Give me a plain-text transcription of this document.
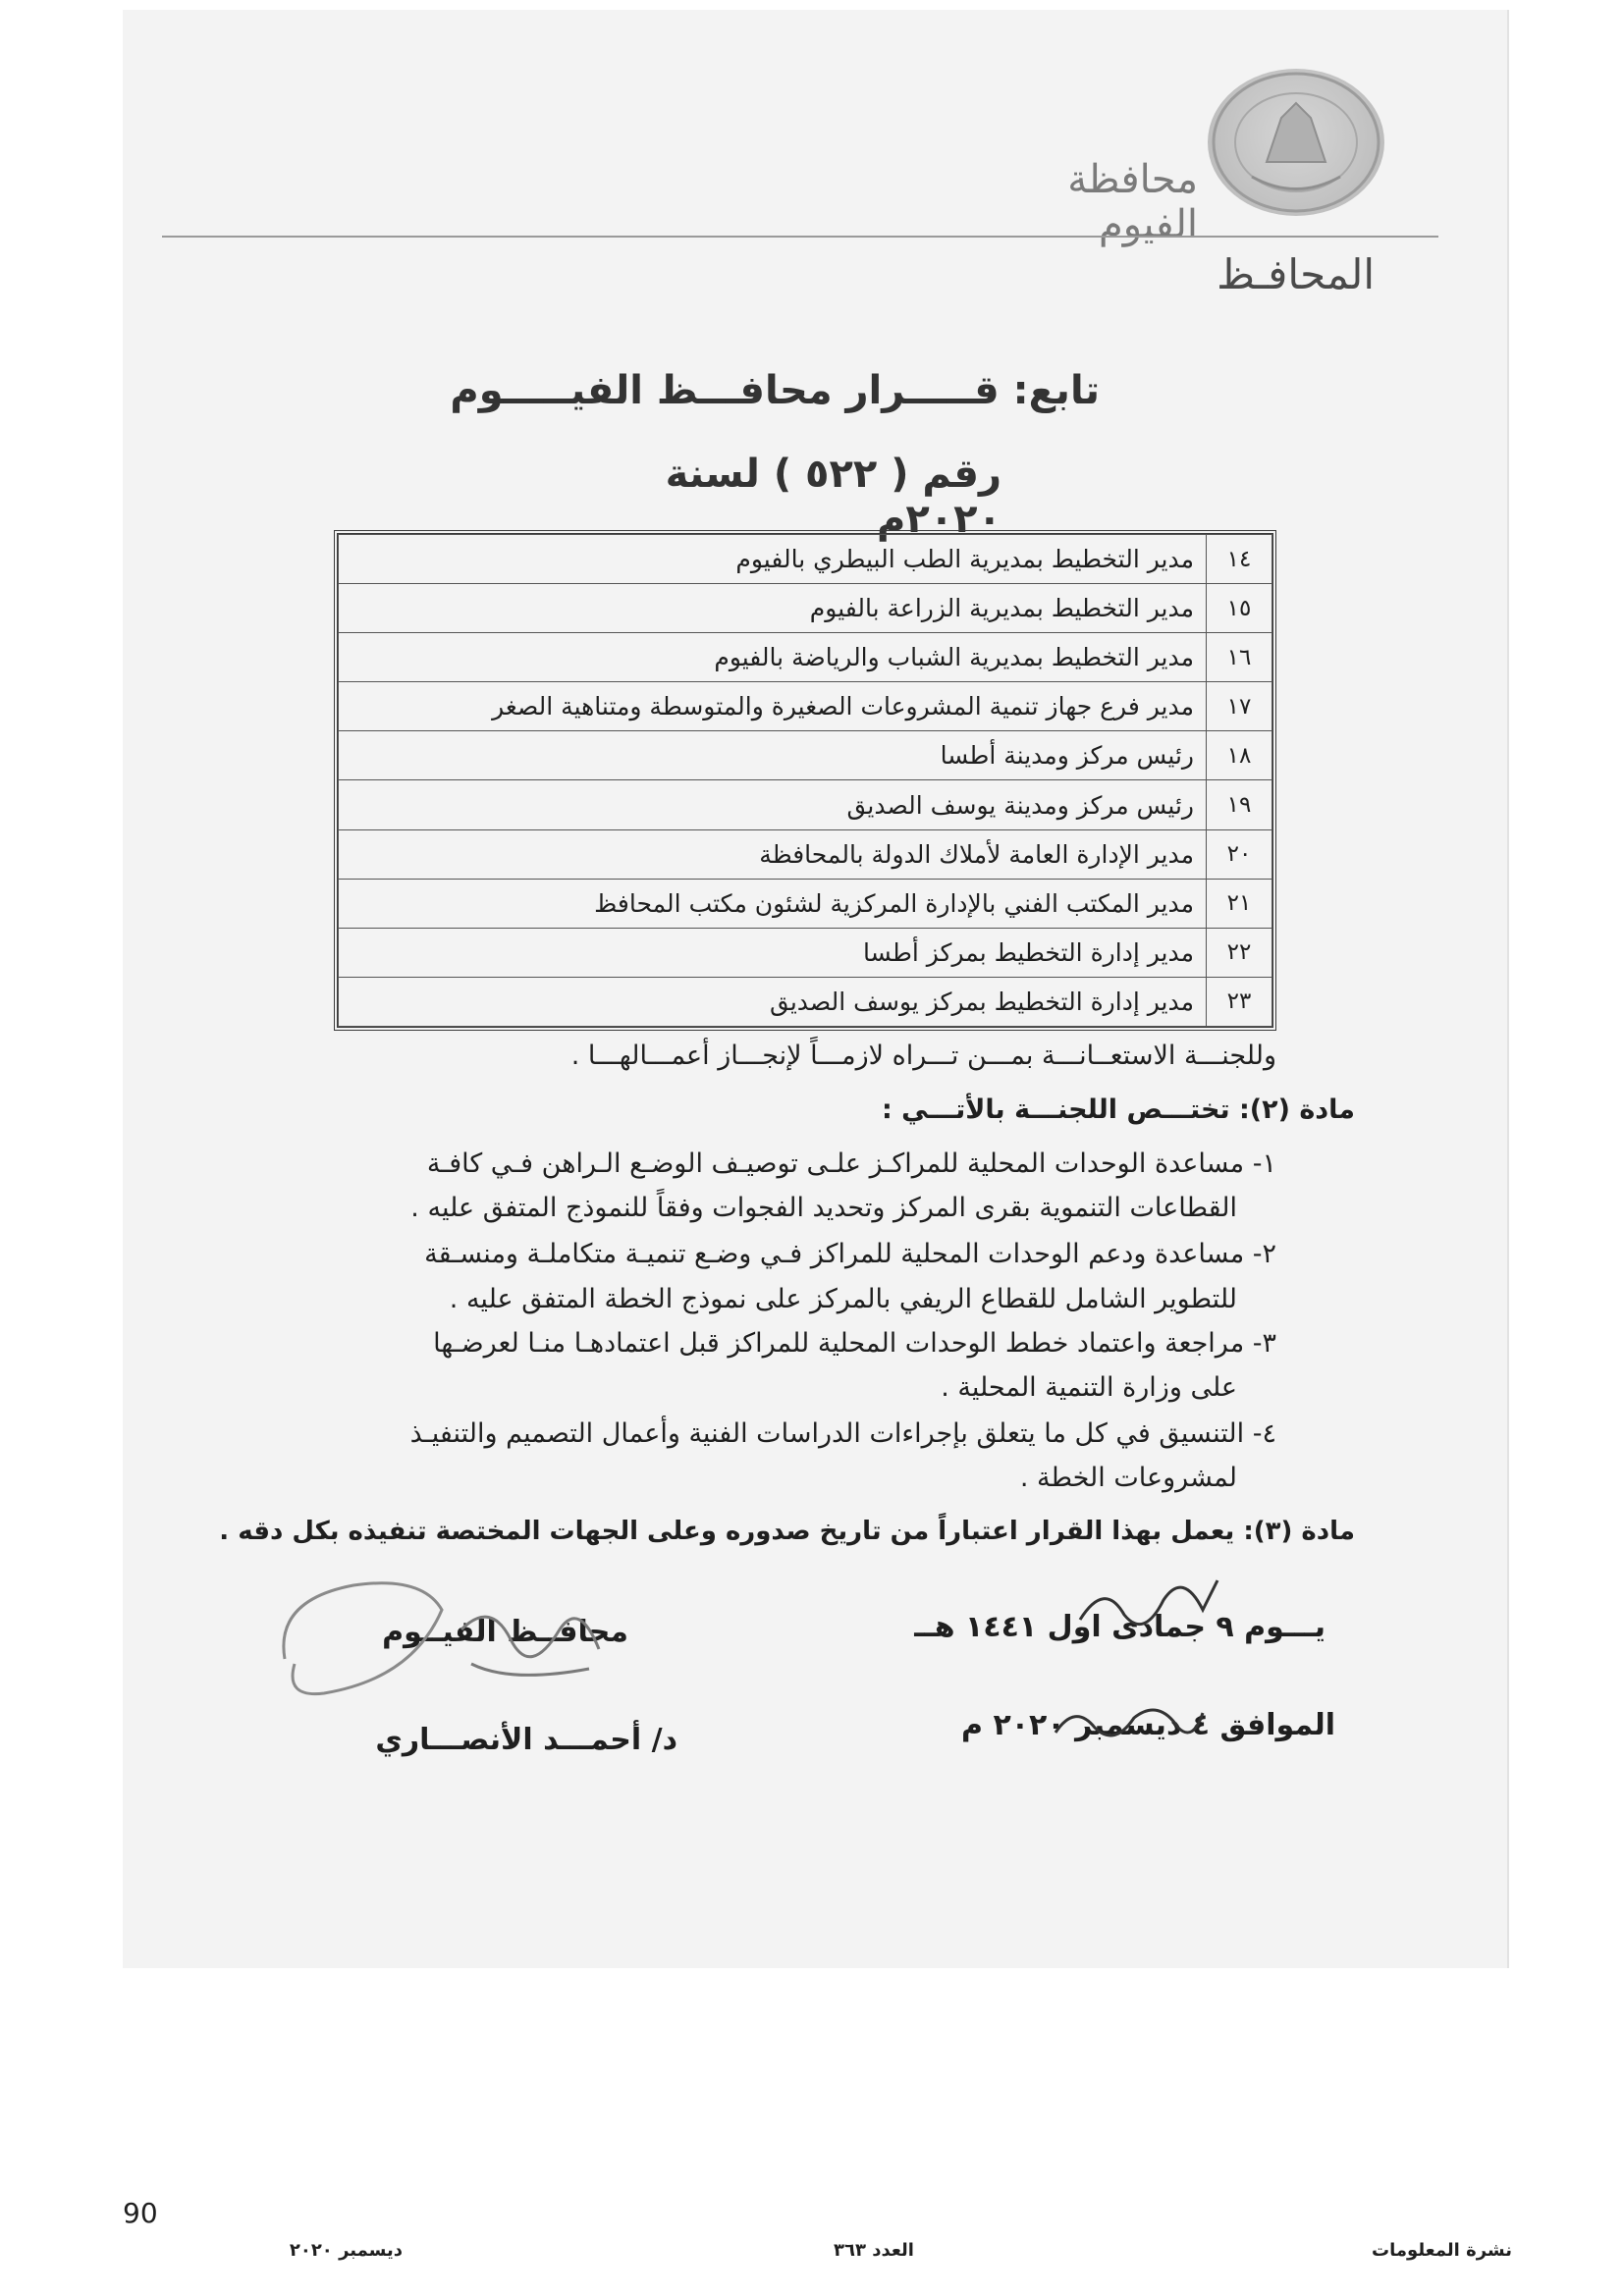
محافظة الفيوم
المحافـظ
تابع: قـــــرار محافـــظ الفيـــــوم
رقم ( ٥٢٢ ) لسنة ٢٠٢٠م
١٤	مدير التخطيط بمديرية الطب البيطري بالفيوم
١٥	مدير التخطيط بمديرية الزراعة بالفيوم
١٦	مدير التخطيط بمديرية الشباب والرياضة بالفيوم
١٧	مدير فرع جهاز تنمية المشروعات الصغيرة والمتوسطة ومتناهية الصغر
١٨	رئيس مركز ومدينة أطسا
١٩	رئيس مركز ومدينة يوسف الصديق
٢٠	مدير الإدارة العامة لأملاك الدولة بالمحافظة
٢١	مدير المكتب الفني بالإدارة المركزية لشئون مكتب المحافظ
٢٢	مدير إدارة التخطيط بمركز أطسا
٢٣	مدير إدارة التخطيط بمركز يوسف الصديق
وللجنـــة الاستعــانـــة بمـــن تـــراه لازمـــاً لإنجـــاز أعمـــالهـــا .
مادة (٢): تختـــص اللجنـــة بالأتـــي :
١- مساعدة الوحدات المحلية للمراكـز علـى توصيـف الوضـع الـراهن فـي كافـة
القطاعات التنموية بقرى المركز وتحديد الفجوات وفقاً للنموذج المتفق عليه .
٢- مساعدة ودعم الوحدات المحلية للمراكز فـي وضـع تنميـة متكاملـة ومنسـقة
للتطوير الشامل للقطاع الريفي بالمركز على نموذج الخطة المتفق عليه .
٣- مراجعة واعتماد خطط الوحدات المحلية للمراكز قبل اعتمادهـا منـا لعرضـها
على وزارة التنمية المحلية .
٤- التنسيق في كل ما يتعلق بإجراءات الدراسات الفنية وأعمال التصميم والتنفيـذ
لمشروعات الخطة .
مادة (٣): يعمل بهذا القرار اعتباراً من تاريخ صدوره وعلى الجهات المختصة تنفيذه بكل دقه .
يـــوم ٩ جمادى اول ١٤٤١ هــ
الموافق ٤ ديسمبر ٢٠٢٠ م
محافــظ الفيــوم
د/ أحمـــد الأنصـــاري
90
نشرة المعلومات
العدد ٣٦٣
ديسمبر ٢٠٢٠
